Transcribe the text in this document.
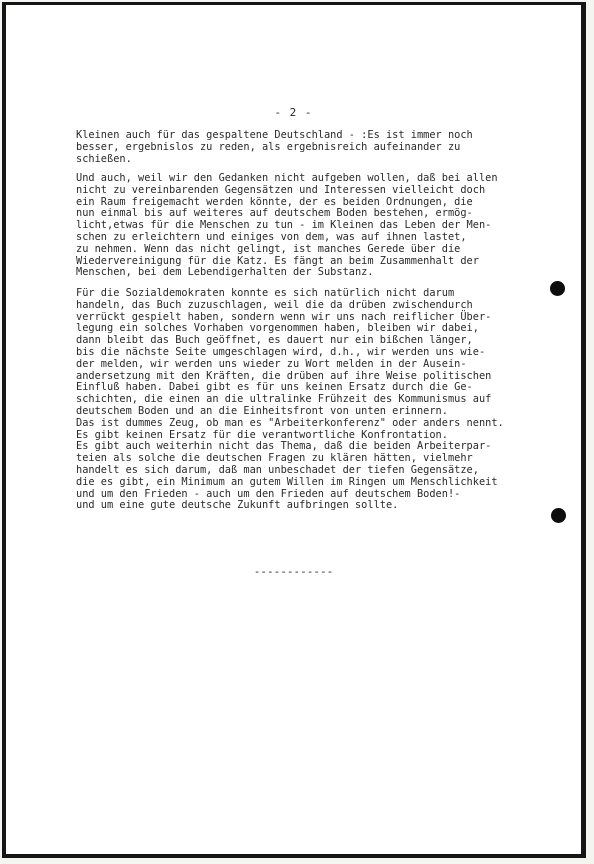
- 2 -
Kleinen auch für das gespaltene Deutschland - :Es ist immer noch
besser, ergebnislos zu reden, als ergebnisreich aufeinander zu
schießen.
Und auch, weil wir den Gedanken nicht aufgeben wollen, daß bei allen
nicht zu vereinbarenden Gegensätzen und Interessen vielleicht doch
ein Raum freigemacht werden könnte, der es beiden Ordnungen, die
nun einmal bis auf weiteres auf deutschem Boden bestehen, ermög-
licht,etwas für die Menschen zu tun - im Kleinen das Leben der Men-
schen zu erleichtern und einiges von dem, was auf ihnen lastet,
zu nehmen. Wenn das nicht gelingt, ist manches Gerede über die
Wiedervereinigung für die Katz. Es fängt an beim Zusammenhalt der
Menschen, bei dem Lebendigerhalten der Substanz.
Für die Sozialdemokraten konnte es sich natürlich nicht darum
handeln, das Buch zuzuschlagen, weil die da drüben zwischendurch
verrückt gespielt haben, sondern wenn wir uns nach reiflicher Über-
legung ein solches Vorhaben vorgenommen haben, bleiben wir dabei,
dann bleibt das Buch geöffnet, es dauert nur ein bißchen länger,
bis die nächste Seite umgeschlagen wird, d.h., wir werden uns wie-
der melden, wir werden uns wieder zu Wort melden in der Ausein-
andersetzung mit den Kräften, die drüben auf ihre Weise politischen
Einfluß haben. Dabei gibt es für uns keinen Ersatz durch die Ge-
schichten, die einen an die ultralinke Frühzeit des Kommunismus auf
deutschem Boden und an die Einheitsfront von unten erinnern.
Das ist dummes Zeug, ob man es "Arbeiterkonferenz" oder anders nennt.
Es gibt keinen Ersatz für die verantwortliche Konfrontation.
Es gibt auch weiterhin nicht das Thema, daß die beiden Arbeiterpar-
teien als solche die deutschen Fragen zu klären hätten, vielmehr
handelt es sich darum, daß man unbeschadet der tiefen Gegensätze,
die es gibt, ein Minimum an gutem Willen im Ringen um Menschlichkeit
und um den Frieden - auch um den Frieden auf deutschem Boden!-
und um eine gute deutsche Zukunft aufbringen sollte.
------------
